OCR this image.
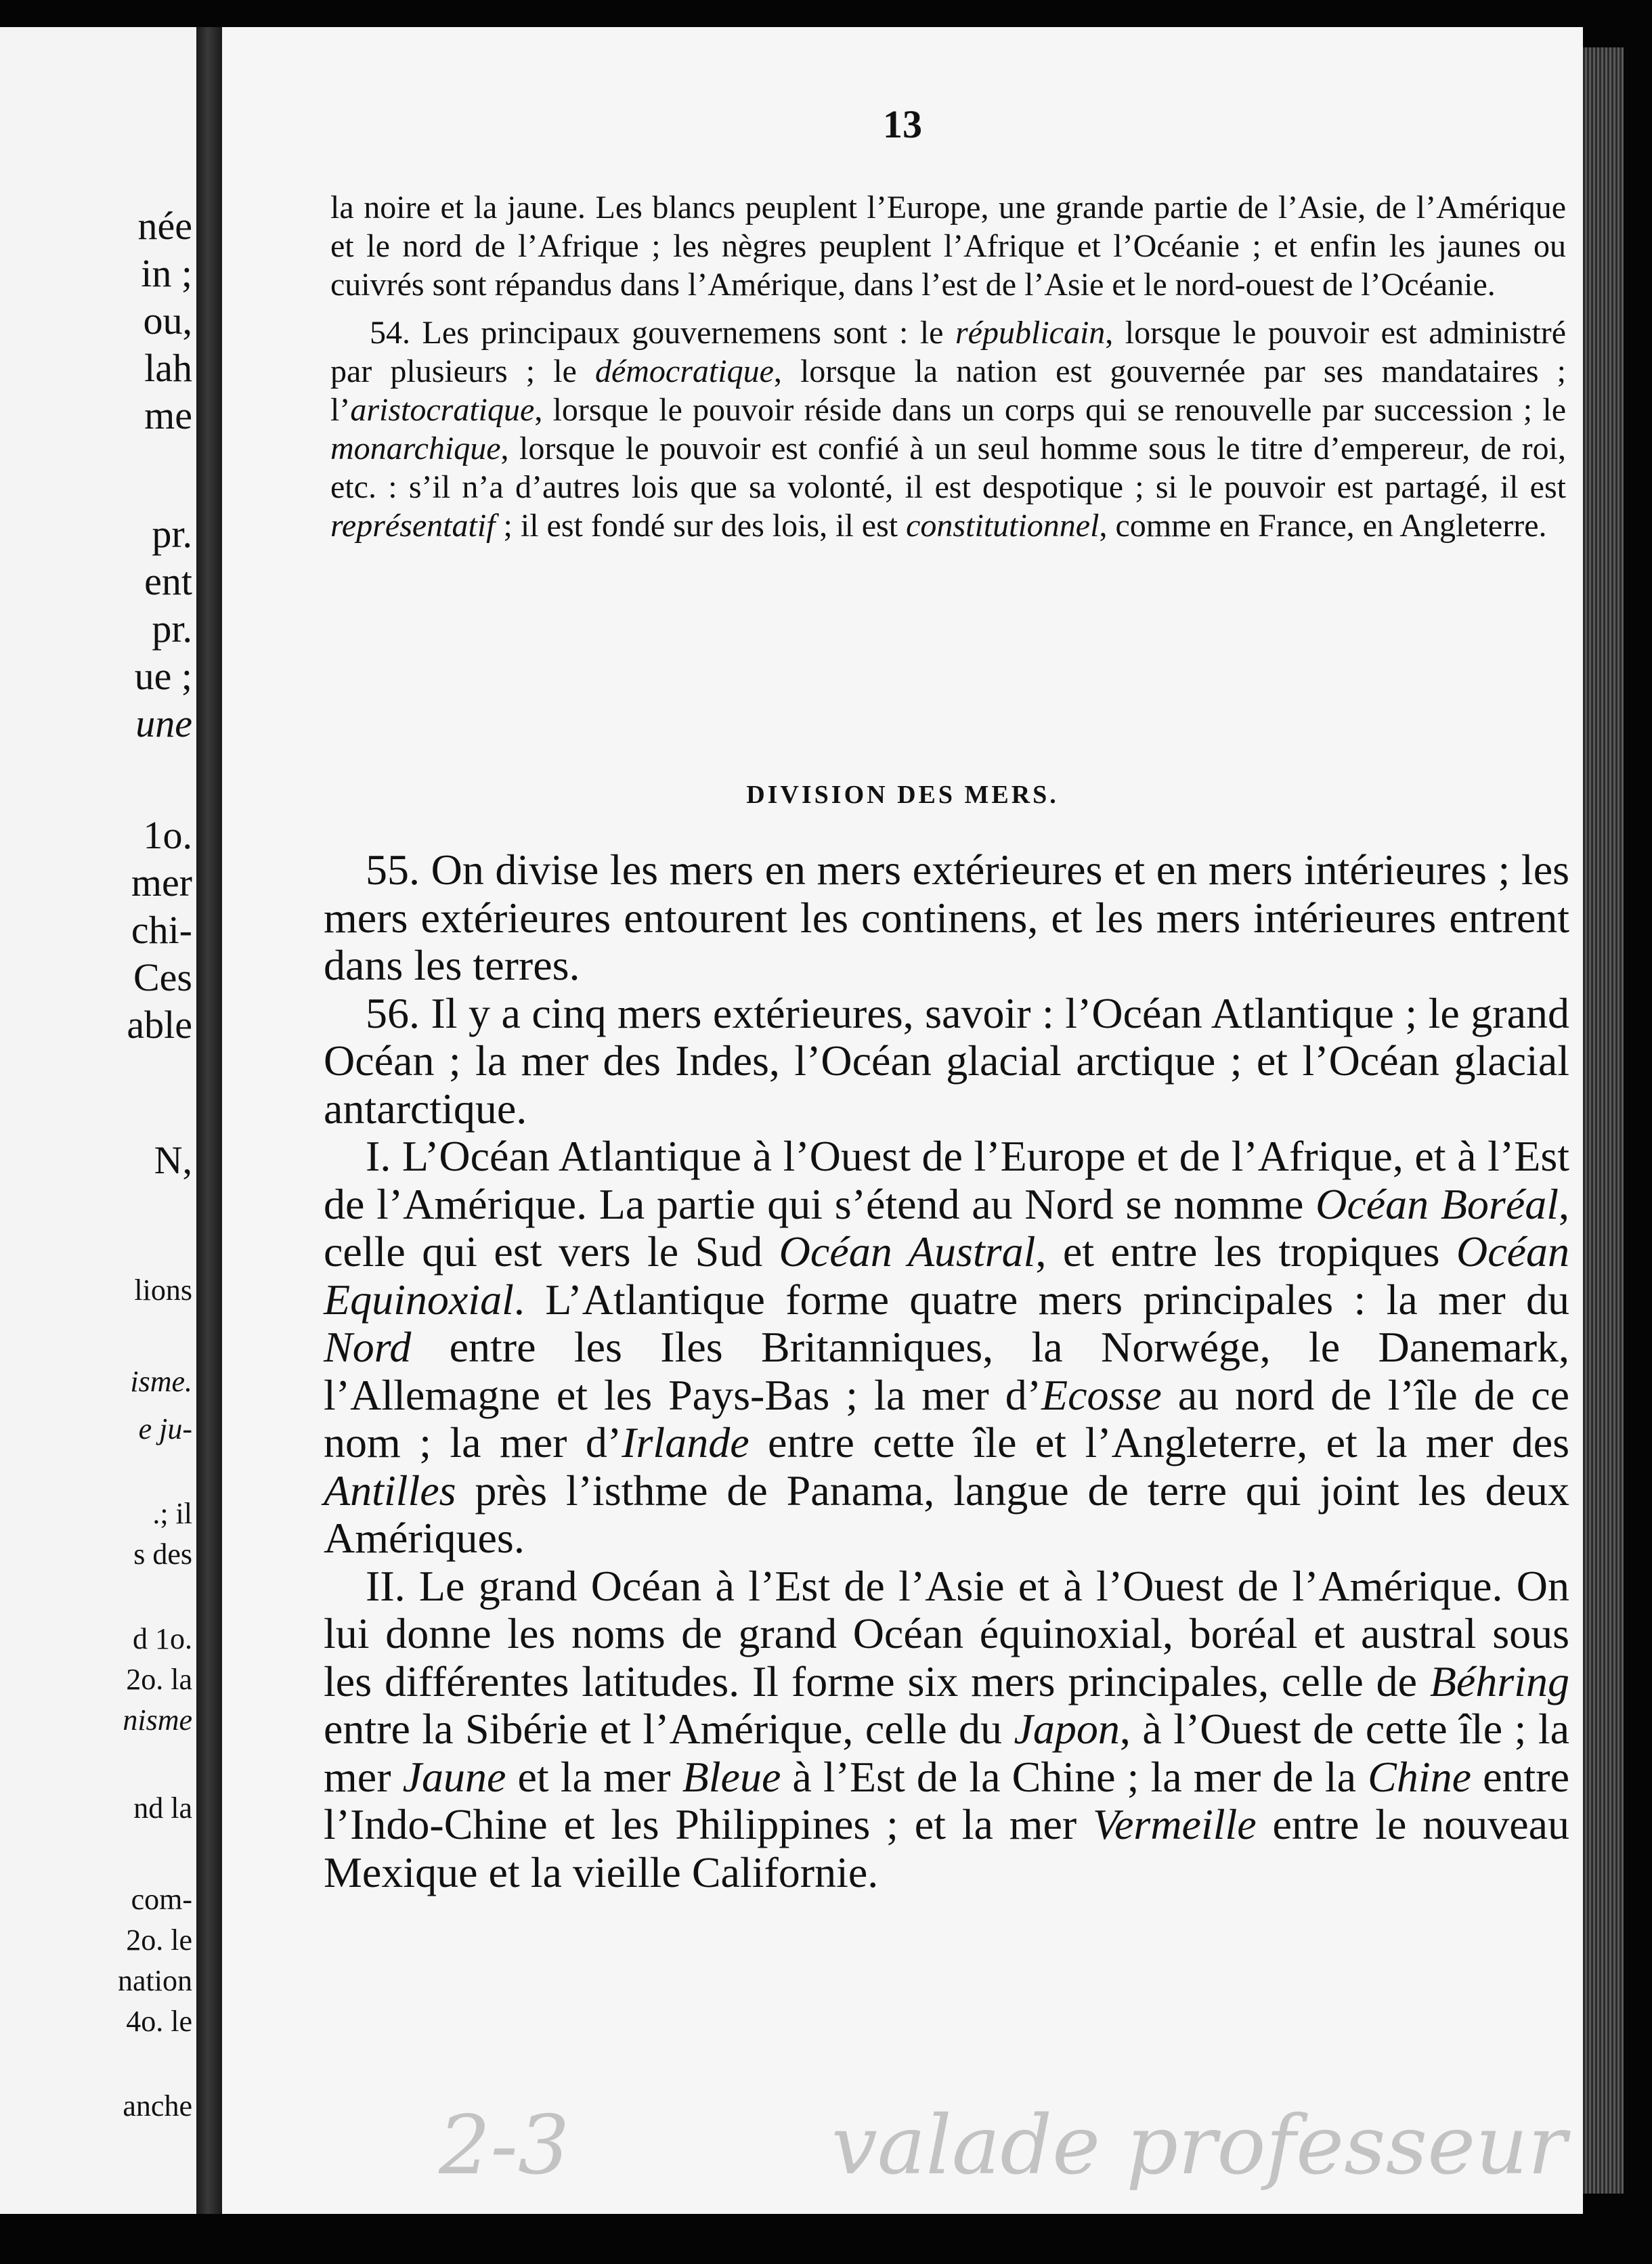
née
in ;
ou,
lah
me
pr.
ent
pr.
ue ;
une
1o.
mer
chi-
Ces
able
N,
lions
isme.
e ju-
.; il
s des
d 1o.
2o. la
nisme
nd la
com-
2o. le
nation
4o. le
anche
13

la noire et la jaune. Les blancs peuplent l’Europe, une grande partie de l’Asie, de l’Amérique et le nord de l’Afrique ; les nègres peuplent l’Afrique et l’Océanie ; et enfin les jaunes ou cuivrés sont répandus dans l’Amérique, dans l’est de l’Asie et le nord-ouest de l’Océanie.

54. Les principaux gouvernemens sont : le républicain, lorsque le pouvoir est administré par plusieurs ; le démocratique, lorsque la nation est gouvernée par ses mandataires ; l’aristocratique, lorsque le pouvoir réside dans un corps qui se renouvelle par succession ; le monarchique, lorsque le pouvoir est confié à un seul homme sous le titre d’empereur, de roi, etc. : s’il n’a d’autres lois que sa volonté, il est despotique ; si le pouvoir est partagé, il est représentatif ; il est fondé sur des lois, il est constitutionnel, comme en France, en Angleterre.

DIVISION DES MERS.

55. On divise les mers en mers extérieures et en mers intérieures ; les mers extérieures entourent les continens, et les mers intérieures entrent dans les terres.

56. Il y a cinq mers extérieures, savoir : l’Océan Atlantique ; le grand Océan ; la mer des Indes, l’Océan glacial arctique ; et l’Océan glacial antarctique.

I. L’Océan Atlantique à l’Ouest de l’Europe et de l’Afrique, et à l’Est de l’Amérique. La partie qui s’étend au Nord se nomme Océan Boréal, celle qui est vers le Sud Océan Austral, et entre les tropiques Océan Equinoxial. L’Atlantique forme quatre mers principales : la mer du Nord entre les Iles Britanniques, la Norwége, le Danemark, l’Allemagne et les Pays-Bas ; la mer d’Ecosse au nord de l’île de ce nom ; la mer d’Irlande entre cette île et l’Angleterre, et la mer des Antilles près l’isthme de Panama, langue de terre qui joint les deux Amériques.

II. Le grand Océan à l’Est de l’Asie et à l’Ouest de l’Amérique. On lui donne les noms de grand Océan équinoxial, boréal et austral sous les différentes latitudes. Il forme six mers principales, celle de Béhring entre la Sibérie et l’Amérique, celle du Japon, à l’Ouest de cette île ; la mer Jaune et la mer Bleue à l’Est de la Chine ; la mer de la Chine entre l’Indo-Chine et les Philippines ; et la mer Vermeille entre le nouveau Mexique et la vieille Californie.

2-3	valade professeur
